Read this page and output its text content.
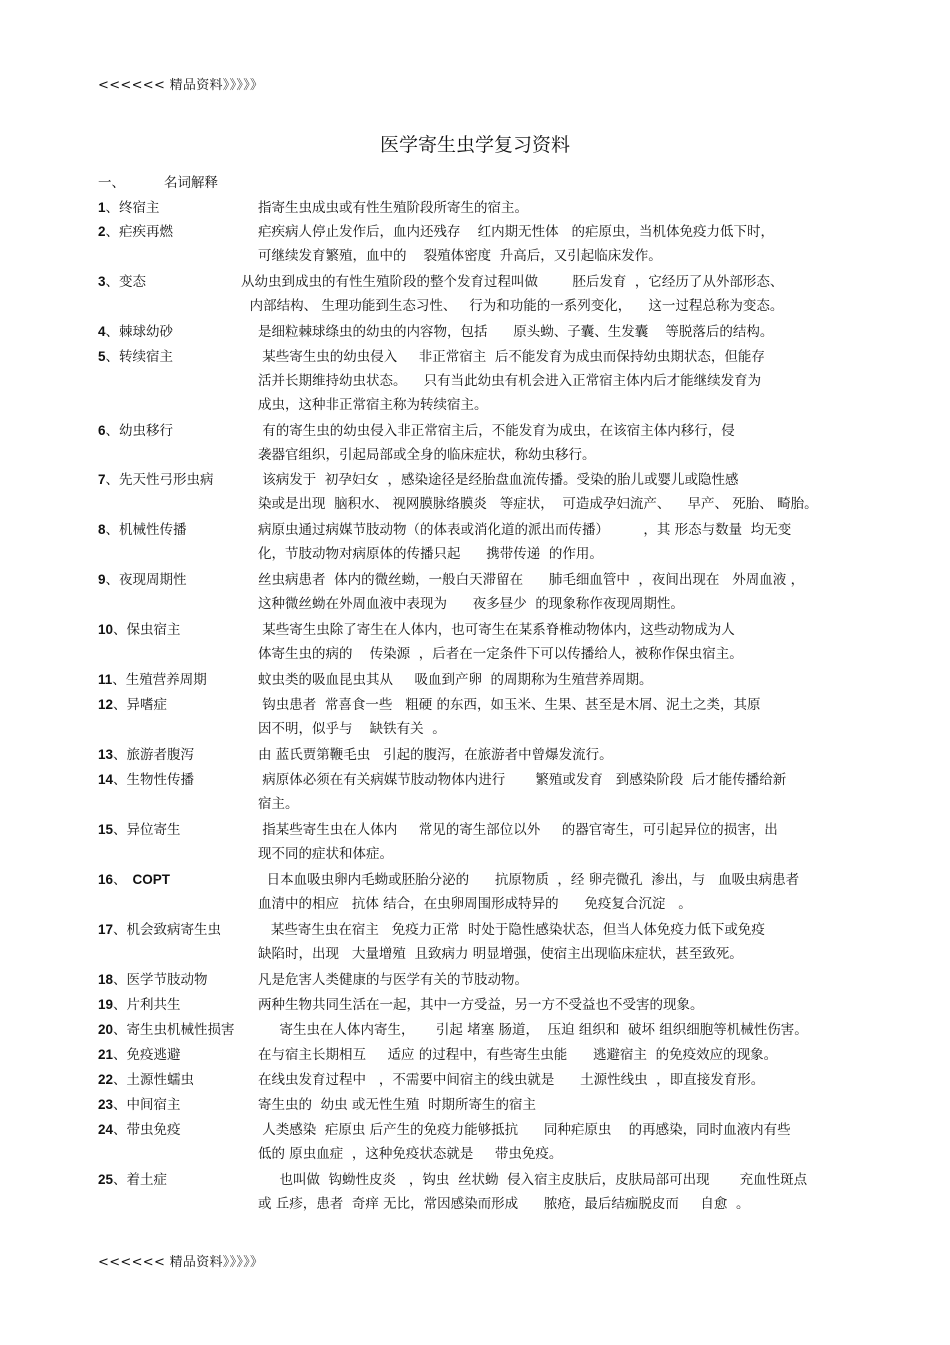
<<<<<< 精品资料》》》》》
医学寄生虫学复习资料
一、	名词解释
1、终宿主	指寄生虫成虫或有性生殖阶段所寄生的宿主。
2、疟疾再燃	疟疾病人停止发作后，血内还残存    红内期无性体   的疟原虫，当机体免疫力低下时，
可继续发育繁殖，血中的    裂殖体密度  升高后，又引起临床发作。
3、变态	从幼虫到成虫的有性生殖阶段的整个发育过程叫做        胚后发育  ，它经历了从外部形态、
内部结构、 生理功能到生态习性、   行为和功能的一系列变化，    这一过程总称为变态。
4、棘球幼砂	是细粒棘球绦虫的幼虫的内容物，包括      原头蚴、子囊、生发囊    等脱落后的结构。
5、转续宿主	某些寄生虫的幼虫侵入     非正常宿主  后不能发育为成虫而保持幼虫期状态，但能存
活并长期维持幼虫状态。    只有当此幼虫有机会进入正常宿主体内后才能继续发育为
成虫，这种非正常宿主称为转续宿主。
6、幼虫移行	有的寄生虫的幼虫侵入非正常宿主后，不能发育为成虫，在该宿主体内移行，侵
袭器官组织，引起局部或全身的临床症状，称幼虫移行。
7、先天性弓形虫病	该病发于  初孕妇女  ，感染途径是经胎盘血流传播。受染的胎儿或婴儿或隐性感
染或是出现  脑积水、 视网膜脉络膜炎   等症状，  可造成孕妇流产、    早产、 死胎、 畸胎。
8、机械性传播	病原虫通过病媒节肢动物（的体表或消化道的派出而传播）        ，其 形态与数量  均无变
化，节肢动物对病原体的传播只起      携带传递  的作用。
9、夜现周期性	丝虫病患者  体内的微丝蚴，一般白天滞留在      肺毛细血管中  ，夜间出现在   外周血液 ，
这种微丝蚴在外周血液中表现为      夜多昼少  的现象称作夜现周期性。
10、保虫宿主	某些寄生虫除了寄生在人体内，也可寄生在某系脊椎动物体内，这些动物成为人
体寄生虫的病的    传染源  ，后者在一定条件下可以传播给人，被称作保虫宿主。
11、生殖营养周期	蚊虫类的吸血昆虫其从     吸血到产卵  的周期称为生殖营养周期。
12、异嗜症	钩虫患者  常喜食一些   粗硬 的东西，如玉米、生果、甚至是木屑、泥土之类，其原
因不明，似乎与    缺铁有关  。
13、旅游者腹泻	由 蓝氏贾第鞭毛虫   引起的腹泻，在旅游者中曾爆发流行。
14、生物性传播	病原体必须在有关病媒节肢动物体内进行       繁殖或发育   到感染阶段  后才能传播给新
宿主。
15、异位寄生	指某些寄生虫在人体内     常见的寄生部位以外     的器官寄生，可引起异位的损害，出
现不同的症状和体症。
16、 COPT	日本血吸虫卵内毛蚴或胚胎分泌的      抗原物质  ，经 卵壳微孔  渗出，与   血吸虫病患者
血清中的相应   抗体 结合，在虫卵周围形成特异的      免疫复合沉淀   。
17、机会致病寄生虫	某些寄生虫在宿主   免疫力正常  时处于隐性感染状态，但当人体免疫力低下或免疫
缺陷时，出现   大量增殖  且致病力 明显增强，使宿主出现临床症状，甚至致死。
18、医学节肢动物	凡是危害人类健康的与医学有关的节肢动物。
19、片利共生	两种生物共同生活在一起，其中一方受益，另一方不受益也不受害的现象。
20、寄生虫机械性损害 寄生虫在人体内寄生，     引起 堵塞 肠道，  压迫 组织和  破坏 组织细胞等机械性伤害。
21、免疫逃避	在与宿主长期相互     适应 的过程中，有些寄生虫能      逃避宿主  的免疫效应的现象。
22、土源性蠕虫	在线虫发育过程中   ，不需要中间宿主的线虫就是      土源性线虫  ，即直接发育形。
23、中间宿主	寄生虫的  幼虫 或无性生殖  时期所寄生的宿主
24、带虫免疫	人类感染  疟原虫 后产生的免疫力能够抵抗      同种疟原虫    的再感染，同时血液内有些
低的 原虫血症  ，这种免疫状态就是     带虫免疫。
25、着土症	也叫做  钩蚴性皮炎   ，钩虫  丝状蚴  侵入宿主皮肤后，皮肤局部可出现       充血性斑点
或 丘疹，患者  奇痒 无比，常因感染而形成      脓疮，最后结痂脱皮而     自愈  。
<<<<<< 精品资料》》》》》
